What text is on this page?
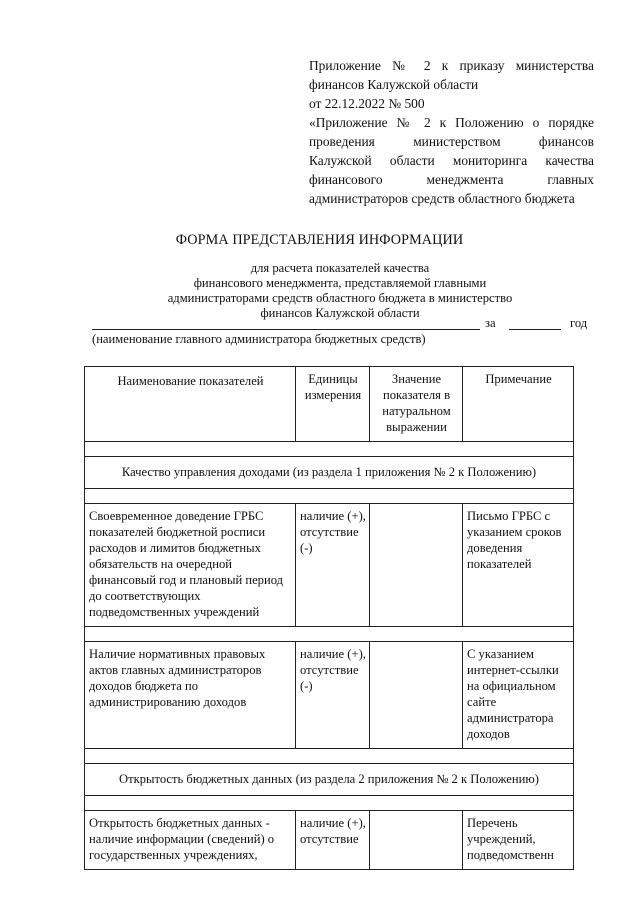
Приложение № 2 к приказу министерства
финансов Калужской области
от 22.12.2022 № 500
«Приложение № 2 к Положению о порядке
проведения министерством финансов
Калужской области мониторинга качества
финансового менеджмента главных
администраторов средств областного бюджета
ФОРМА ПРЕДСТАВЛЕНИЯ ИНФОРМАЦИИ
для расчета показателей качества
финансового менеджмента, представляемой главными
администраторами средств областного бюджета в министерство
финансов Калужской области
за	год
(наименование главного администратора бюджетных средств)
Наименование показателей	Единицы измерения	Значение показателя в натуральном выражении	Примечание

Качество управления доходами (из раздела 1 приложения № 2 к Положению)			

Своевременное доведение ГРБС показателей бюджетной росписи расходов и лимитов бюджетных обязательств на очередной финансовый год и плановый период до соответствующих подведомственных учреждений	наличие (+), отсутствие (-)		Письмо ГРБС с указанием сроков доведения показателей

Наличие нормативных правовых актов главных администраторов доходов бюджета по администрированию доходов	наличие (+), отсутствие (-)		С указанием интернет-ссылки на официальном сайте администратора доходов

Открытость бюджетных данных (из раздела 2 приложения № 2 к Положению)			

Открытость бюджетных данных - наличие информации (сведений) о государственных учреждениях,	наличие (+), отсутствие		Перечень учреждений, подведомственн
